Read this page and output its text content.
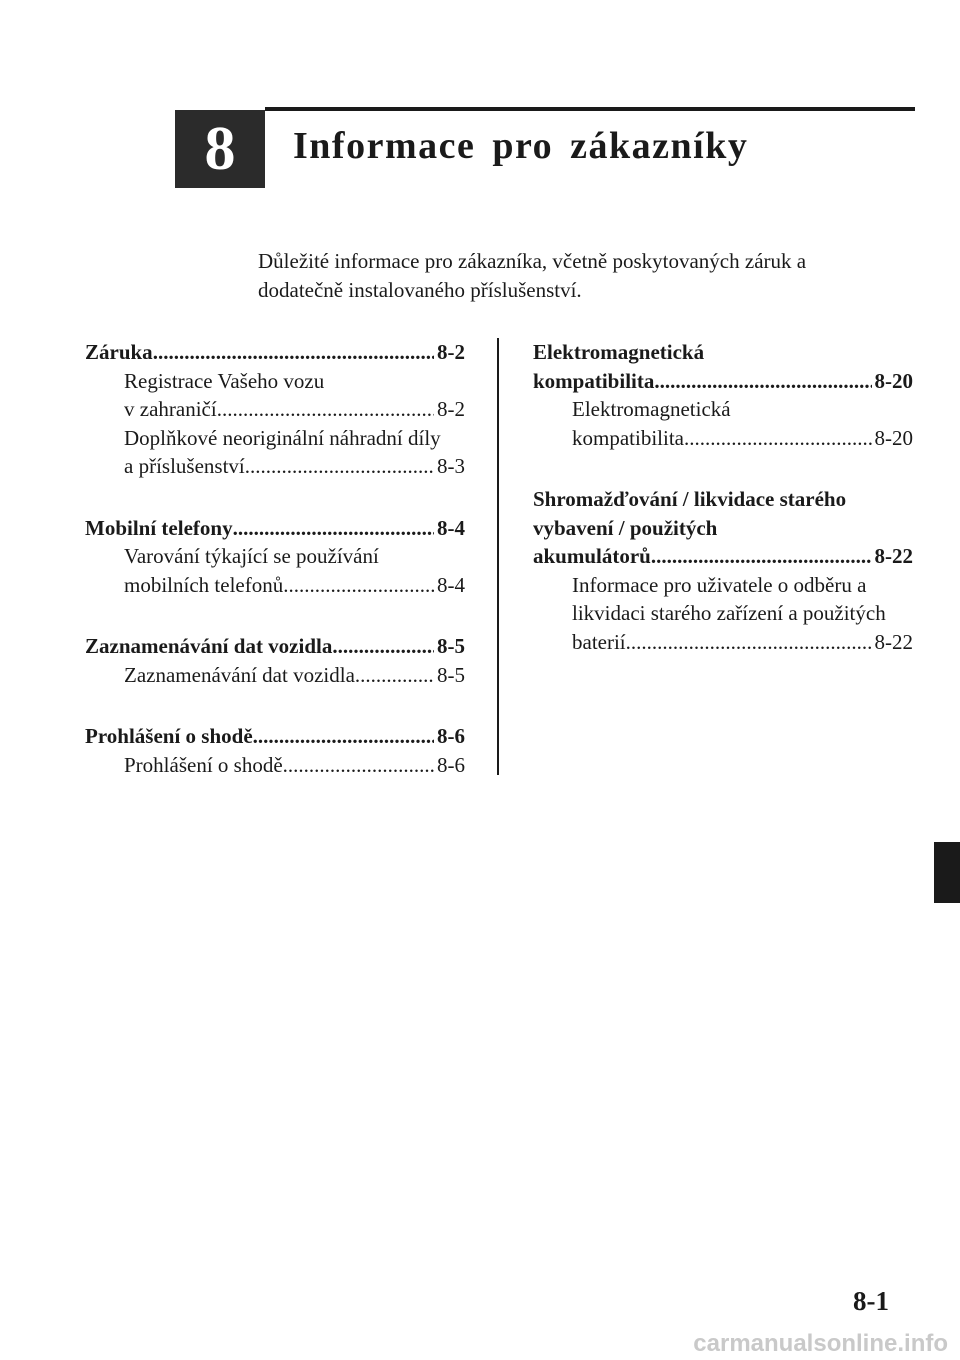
8 Informace pro zákazníky
Důležité informace pro zákazníka, včetně poskytovaných záruk a
dodatečně instalovaného příslušenství.
Záruka .....	8-2
Registrace Vašeho vozu
v zahraničí .....	8-2
Doplňkové neoriginální náhradní díly
a příslušenství .....	8-3
Mobilní telefony .....	8-4
Varování týkající se používání
mobilních telefonů .....	8-4
Zaznamenávání dat vozidla .....	8-5
Zaznamenávání dat vozidla .....	8-5
Prohlášení o shodě .....	8-6
Prohlášení o shodě .....	8-6
Elektromagnetická
kompatibilita .....	8-20
Elektromagnetická
kompatibilita .....	8-20
Shromažďování / likvidace starého
vybavení / použitých
akumulátorů .....	8-22
Informace pro uživatele o odběru a
likvidaci starého zařízení a použitých
baterií .....	8-22
8-1
carmanualsonline.info
